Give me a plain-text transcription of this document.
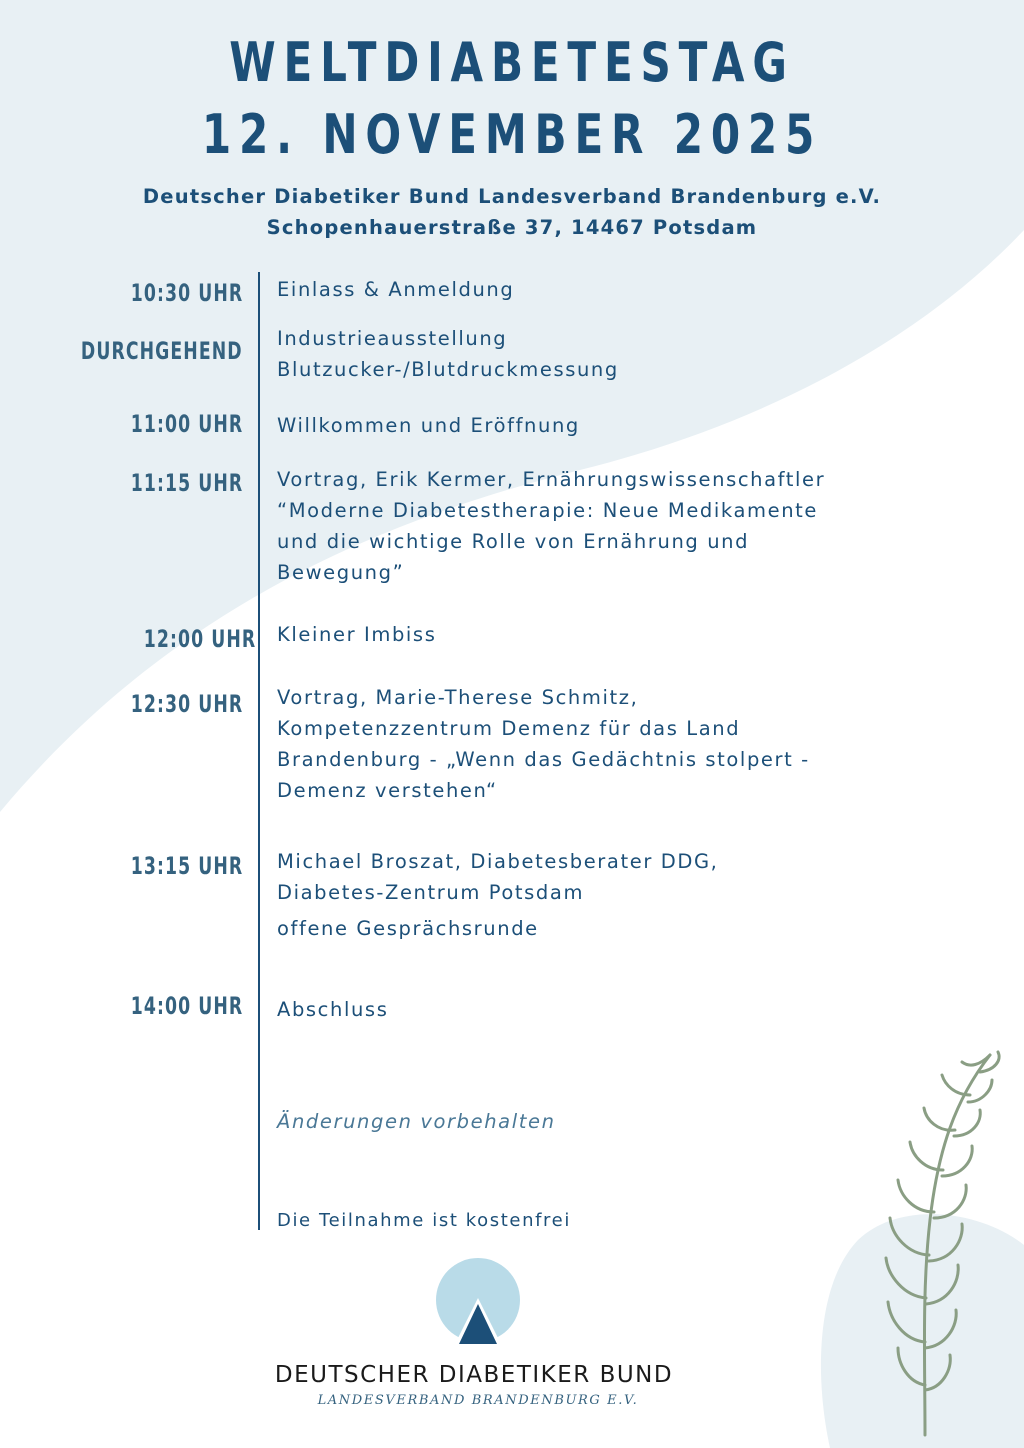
WELTDIABETESTAG
12. NOVEMBER 2025
Deutscher Diabetiker Bund Landesverband Brandenburg e.V.
Schopenhauerstraße 37, 14467 Potsdam
10:30 UHR Einlass & Anmeldung
DURCHGEHEND Industrieausstellung
Blutzucker-/Blutdruckmessung
11:00 UHR Willkommen und Eröffnung
11:15 UHR Vortrag, Erik Kermer, Ernährungswissenschaftler
“Moderne Diabetestherapie: Neue Medikamente
und die wichtige Rolle von Ernährung und
Bewegung”
12:00 UHR Kleiner Imbiss
12:30 UHR Vortrag, Marie-Therese Schmitz,
Kompetenzzentrum Demenz für das Land
Brandenburg - „Wenn das Gedächtnis stolpert -
Demenz verstehen“
13:15 UHR Michael Broszat, Diabetesberater DDG,
Diabetes-Zentrum Potsdam
offene Gesprächsrunde
14:00 UHR Abschluss
Änderungen vorbehalten
Die Teilnahme ist kostenfrei
DEUTSCHER DIABETIKER BUND
LANDESVERBAND BRANDENBURG E.V.
